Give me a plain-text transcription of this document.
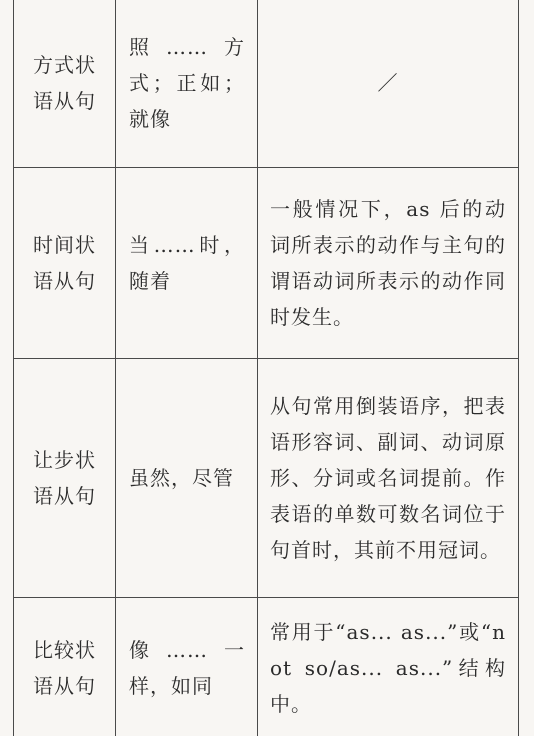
方式状语从句	照……方式；正如；就像	／
时间状语从句	当……时，随着	一般情况下，as 后的动词所表示的动作与主句的谓语动词所表示的动作同时发生。
让步状语从句	虽然，尽管	从句常用倒装语序，把表语形容词、副词、动词原形、分词或名词提前。作表语的单数可数名词位于句首时，其前不用冠词。
比较状语从句	像……一样，如同	常用于“as... as...”或“not so/as... as...”结构中。
